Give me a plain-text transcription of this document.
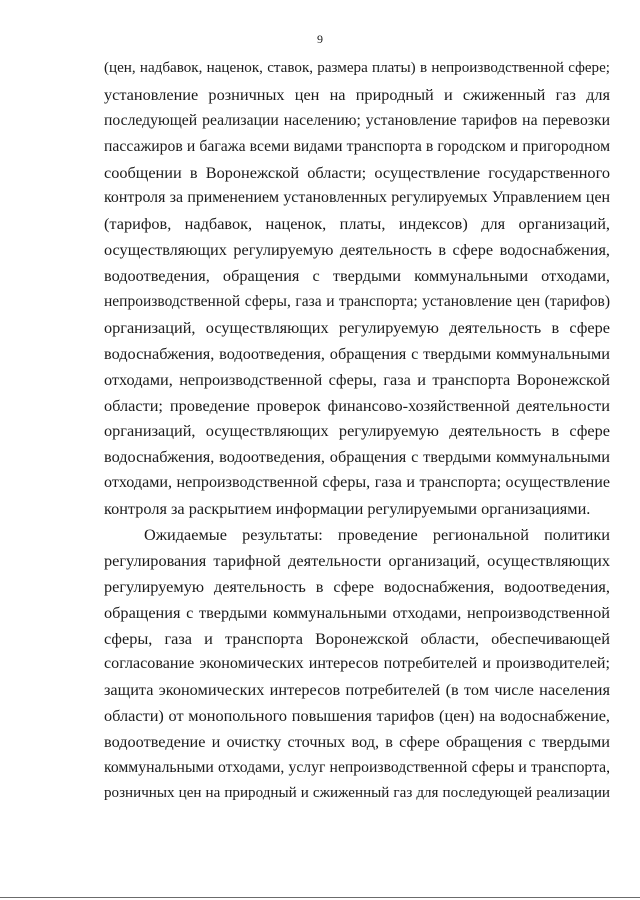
9
(цен, надбавок, наценок, ставок, размера платы) в непроизводственной сфере;
установление розничных цен на природный и сжиженный газ для
последующей реализации населению; установление тарифов на перевозки
пассажиров и багажа всеми видами транспорта в городском и пригородном
сообщении в Воронежской области; осуществление государственного
контроля за применением установленных регулируемых Управлением цен
(тарифов, надбавок, наценок, платы, индексов) для организаций,
осуществляющих регулируемую деятельность в сфере водоснабжения,
водоотведения, обращения с твердыми коммунальными отходами,
непроизводственной сферы, газа и транспорта; установление цен (тарифов)
организаций, осуществляющих регулируемую деятельность в сфере
водоснабжения, водоотведения, обращения с твердыми коммунальными
отходами, непроизводственной сферы, газа и транспорта Воронежской
области; проведение проверок финансово-хозяйственной деятельности
организаций, осуществляющих регулируемую деятельность в сфере
водоснабжения, водоотведения, обращения с твердыми коммунальными
отходами, непроизводственной сферы, газа и транспорта; осуществление
контроля за раскрытием информации регулируемыми организациями.
Ожидаемые результаты: проведение региональной политики
регулирования тарифной деятельности организаций, осуществляющих
регулируемую деятельность в сфере водоснабжения, водоотведения,
обращения с твердыми коммунальными отходами, непроизводственной
сферы, газа и транспорта Воронежской области, обеспечивающей
согласование экономических интересов потребителей и производителей;
защита экономических интересов потребителей (в том числе населения
области) от монопольного повышения тарифов (цен) на водоснабжение,
водоотведение и очистку сточных вод, в сфере обращения с твердыми
коммунальными отходами, услуг непроизводственной сферы и транспорта,
розничных цен на природный и сжиженный газ для последующей реализации
